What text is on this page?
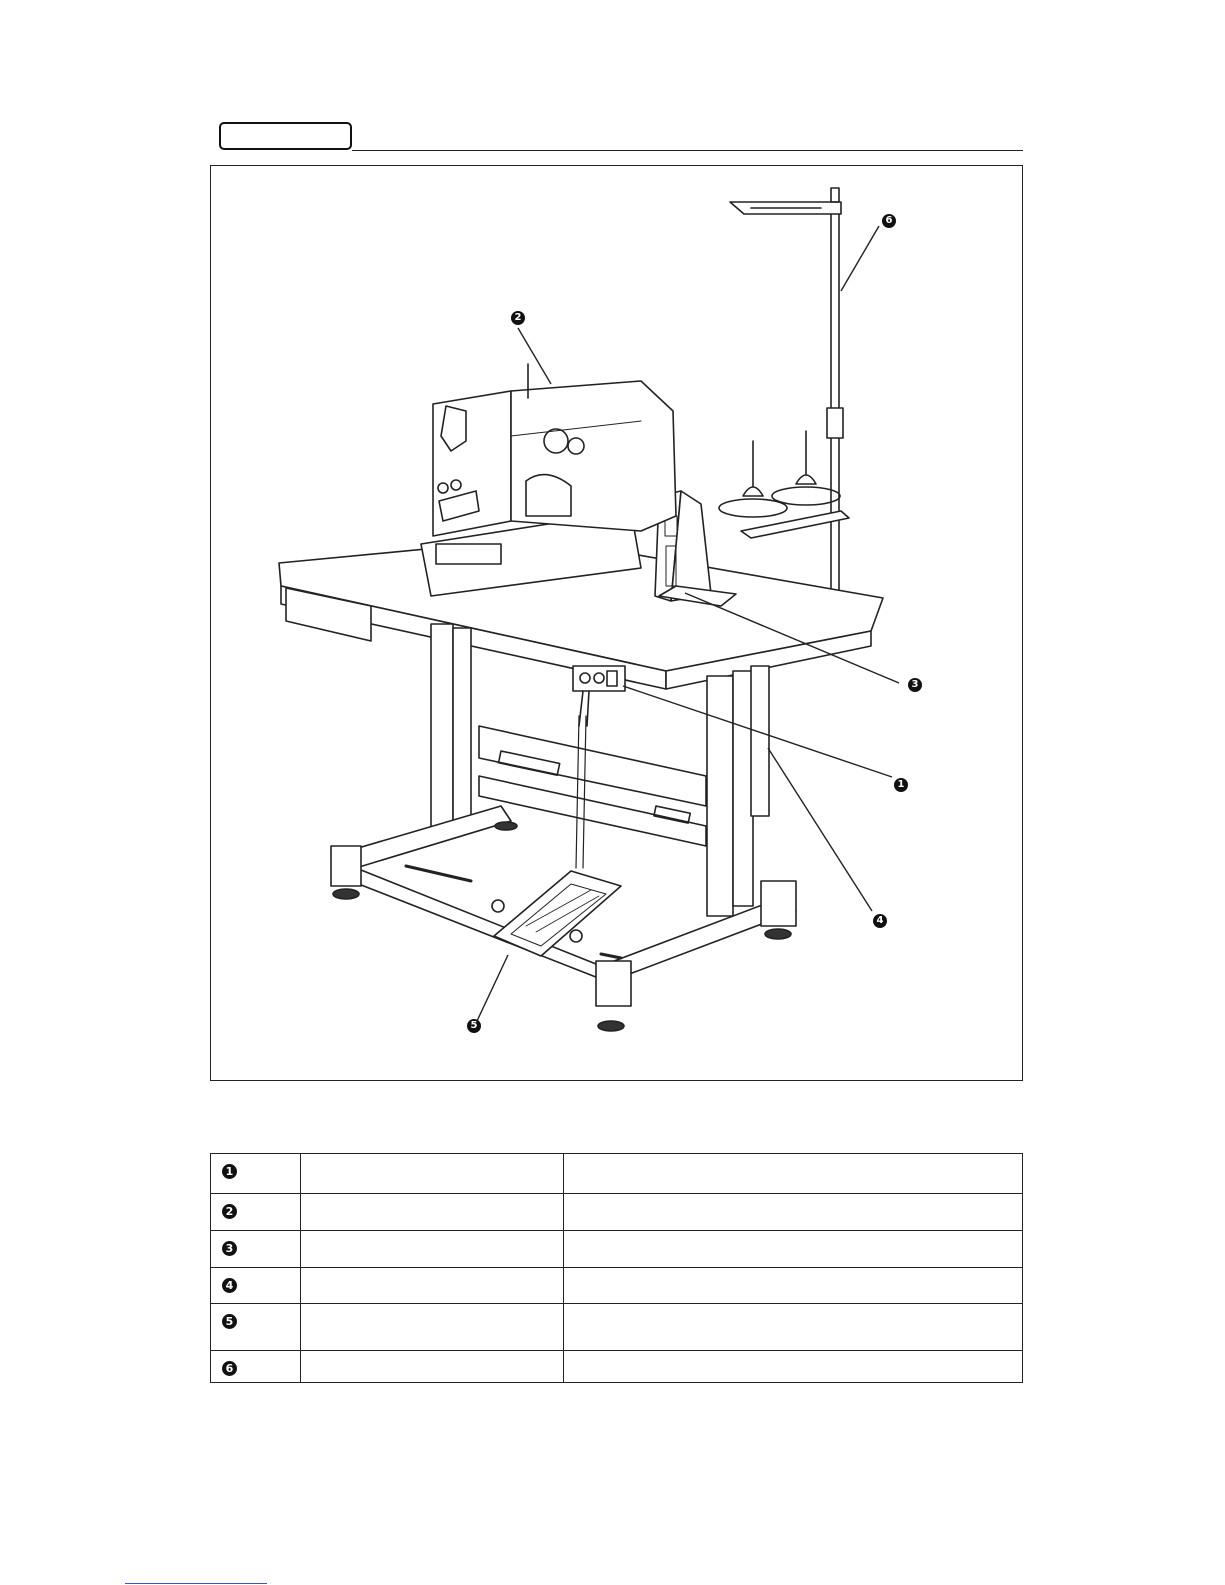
2
6
3
1
4
5
1		
2		
3		
4		
5		
6		
